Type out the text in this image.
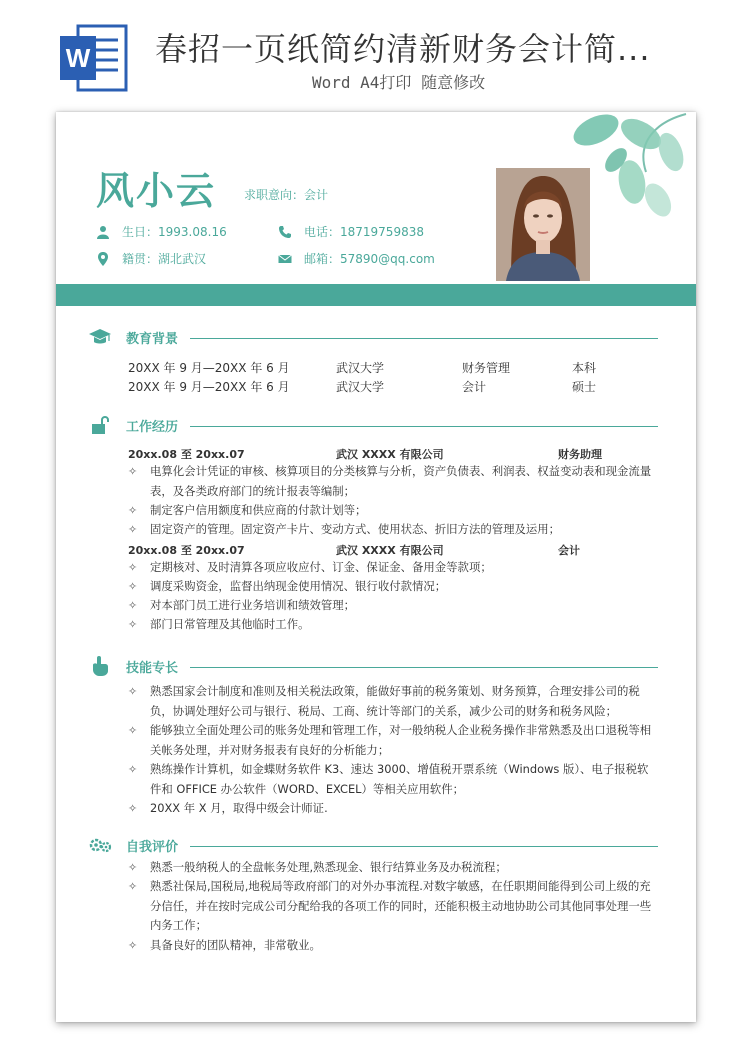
W 春招一页纸简约清新财务会计简...
Word A4打印 随意修改
风小云 求职意向：会计
生日：1993.08.16	电话：18719759838
籍贯：湖北武汉	邮箱：57890@qq.com
教育背景
20XX 年 9 月—20XX 年 6 月	武汉大学	财务管理	本科
20XX 年 9 月—20XX 年 6 月	武汉大学	会计	硕士
工作经历
20xx.08 至 20xx.07	武汉 XXXX 有限公司	财务助理
✧	电算化会计凭证的审核、核算项目的分类核算与分析，资产负债表、利润表、权益变动表和现金流量表，及各类政府部门的统计报表等编制；
✧	制定客户信用额度和供应商的付款计划等；
✧	固定资产的管理。固定资产卡片、变动方式、使用状态、折旧方法的管理及运用；
20xx.08 至 20xx.07	武汉 XXXX 有限公司	会计
✧	定期核对、及时清算各项应收应付、订金、保证金、备用金等款项；
✧	调度采购资金，监督出纳现金使用情况、银行收付款情况；
✧	对本部门员工进行业务培训和绩效管理；
✧	部门日常管理及其他临时工作。
技能专长
✧	熟悉国家会计制度和准则及相关税法政策，能做好事前的税务策划、财务预算，合理安排公司的税负，协调处理好公司与银行、税局、工商、统计等部门的关系，减少公司的财务和税务风险；
✧	能够独立全面处理公司的账务处理和管理工作，对一般纳税人企业税务操作非常熟悉及出口退税等相关帐务处理，并对财务报表有良好的分析能力；
✧	熟练操作计算机，如金蝶财务软件 K3、速达 3000、增值税开票系统（Windows 版）、电子报税软件和 OFFICE 办公软件（WORD、EXCEL）等相关应用软件；
✧	20XX 年 X 月，取得中级会计师证.
自我评价
✧	熟悉一般纳税人的全盘帐务处理,熟悉现金、银行结算业务及办税流程；
✧	熟悉社保局,国税局,地税局等政府部门的对外办事流程.对数字敏感，在任职期间能得到公司上级的充分信任，并在按时完成公司分配给我的各项工作的同时，还能积极主动地协助公司其他同事处理一些内务工作；
✧	具备良好的团队精神，非常敬业。
